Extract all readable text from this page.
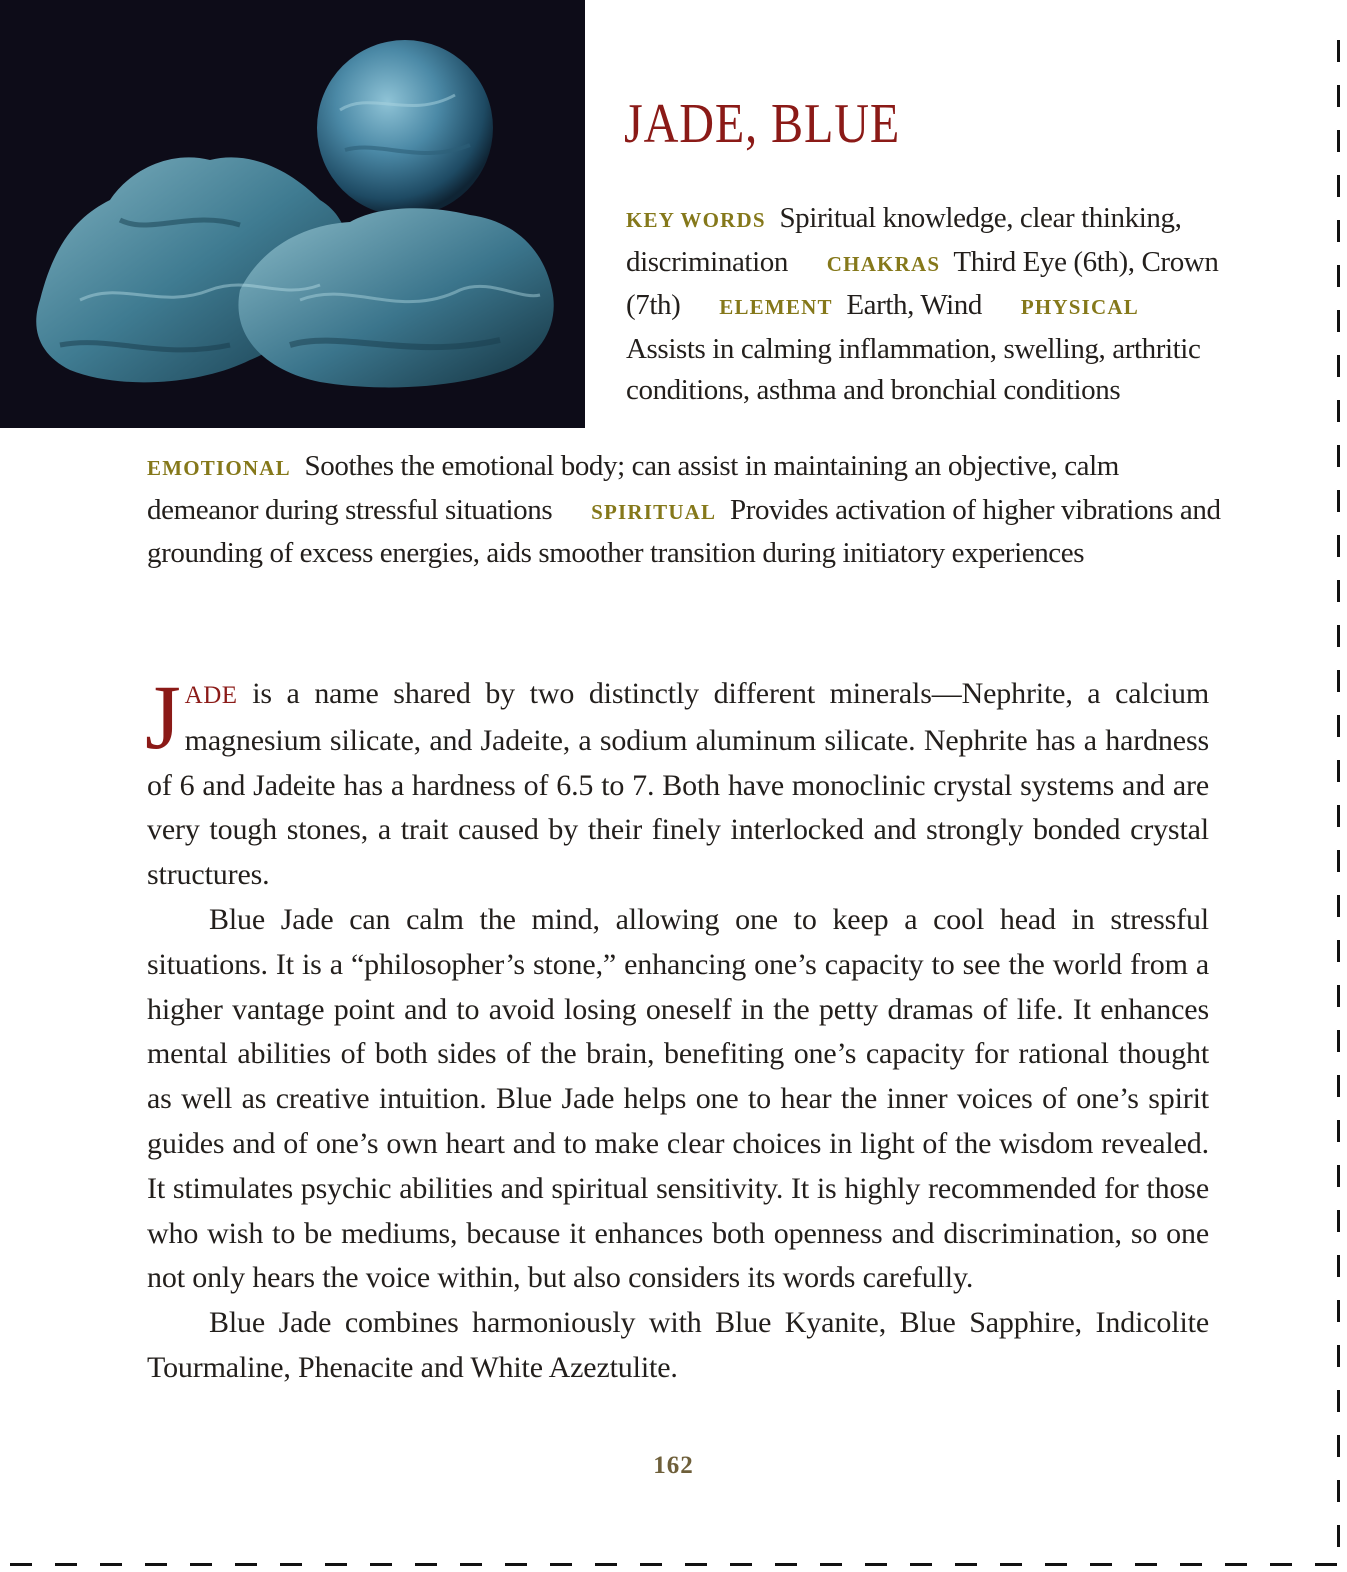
JADE, BLUE
KEY WORDS Spiritual knowledge, clear thinking, discrimination CHAKRAS Third Eye (6th), Crown (7th) ELEMENT Earth, Wind PHYSICAL  Assists in calming inflammation, swelling, arthritic conditions, asthma and bronchial conditions
EMOTIONAL Soothes the emotional body; can assist in maintaining an objective, calm demeanor during stressful situations SPIRITUAL Provides activation of higher vibrations and grounding of excess energies, aids smoother transition during initiatory experiences

JADE is a name shared by two distinctly different minerals—Nephrite, a calcium magnesium silicate, and Jadeite, a sodium aluminum silicate. Nephrite has a hardness of 6 and Jadeite has a hardness of 6.5 to 7. Both have monoclinic crystal systems and are very tough stones, a trait caused by their finely interlocked and strongly bonded crystal structures.

Blue Jade can calm the mind, allowing one to keep a cool head in stressful situations. It is a “philosopher’s stone,” enhancing one’s capacity to see the world from a higher vantage point and to avoid losing oneself in the petty dramas of life. It enhances mental abilities of both sides of the brain, benefiting one’s capacity for rational thought as well as creative intuition. Blue Jade helps one to hear the inner voices of one’s spirit guides and of one’s own heart and to make clear choices in light of the wisdom revealed. It stimulates psychic abilities and spiritual sensitivity. It is highly recommended for those who wish to be mediums, because it enhances both openness and discrimination, so one not only hears the voice within, but also considers its words carefully.

Blue Jade combines harmoniously with Blue Kyanite, Blue Sapphire, Indicolite Tourmaline, Phenacite and White Azeztulite.

162
